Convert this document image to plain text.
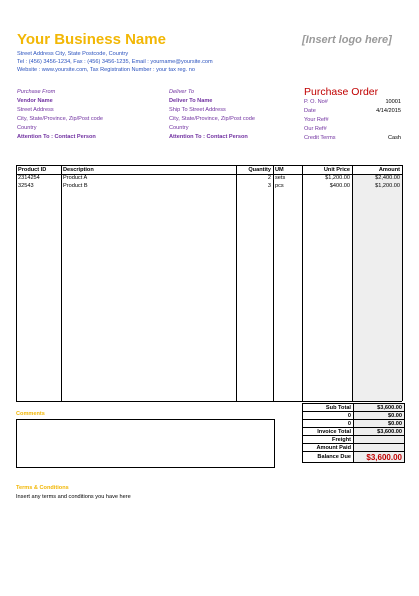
Your Business Name	[Insert logo here]
Street Address City, State Postcode, Country
Tel : (456) 3456-1234, Fax : (456) 3456-1235, Email : yourname@yoursite.com
Website : www.yoursite.com, Tax Registration Number : your tax reg. no
Purchase From
Vendor Name
Street Address
City, State/Province, Zip/Post code
Country
Attention To : Contact Person
Deliver To
Deliver To Name
Ship To Street Address
City, State/Province, Zip/Post code
Country
Attention To : Contact Person
Purchase Order
P. O. No#	10001
Date	4/14/2015
Your Ref#
Our Ref#
Credit Terms	Cash
Product ID	Description	Quantity	UM	Unit Price	Amount
2314254	Product A	2	sets	$1,200.00	$2,400.00
32543	Product B	3	pcs	$400.00	$1,200.00
Sub Total	$3,600.00
0	$0.00
0	$0.00
Invoice Total	$3,600.00
Freight	
Amount Paid	
Balance Due	$3,600.00
Comments
Terms & Conditions
Insert any terms and conditions you have here
